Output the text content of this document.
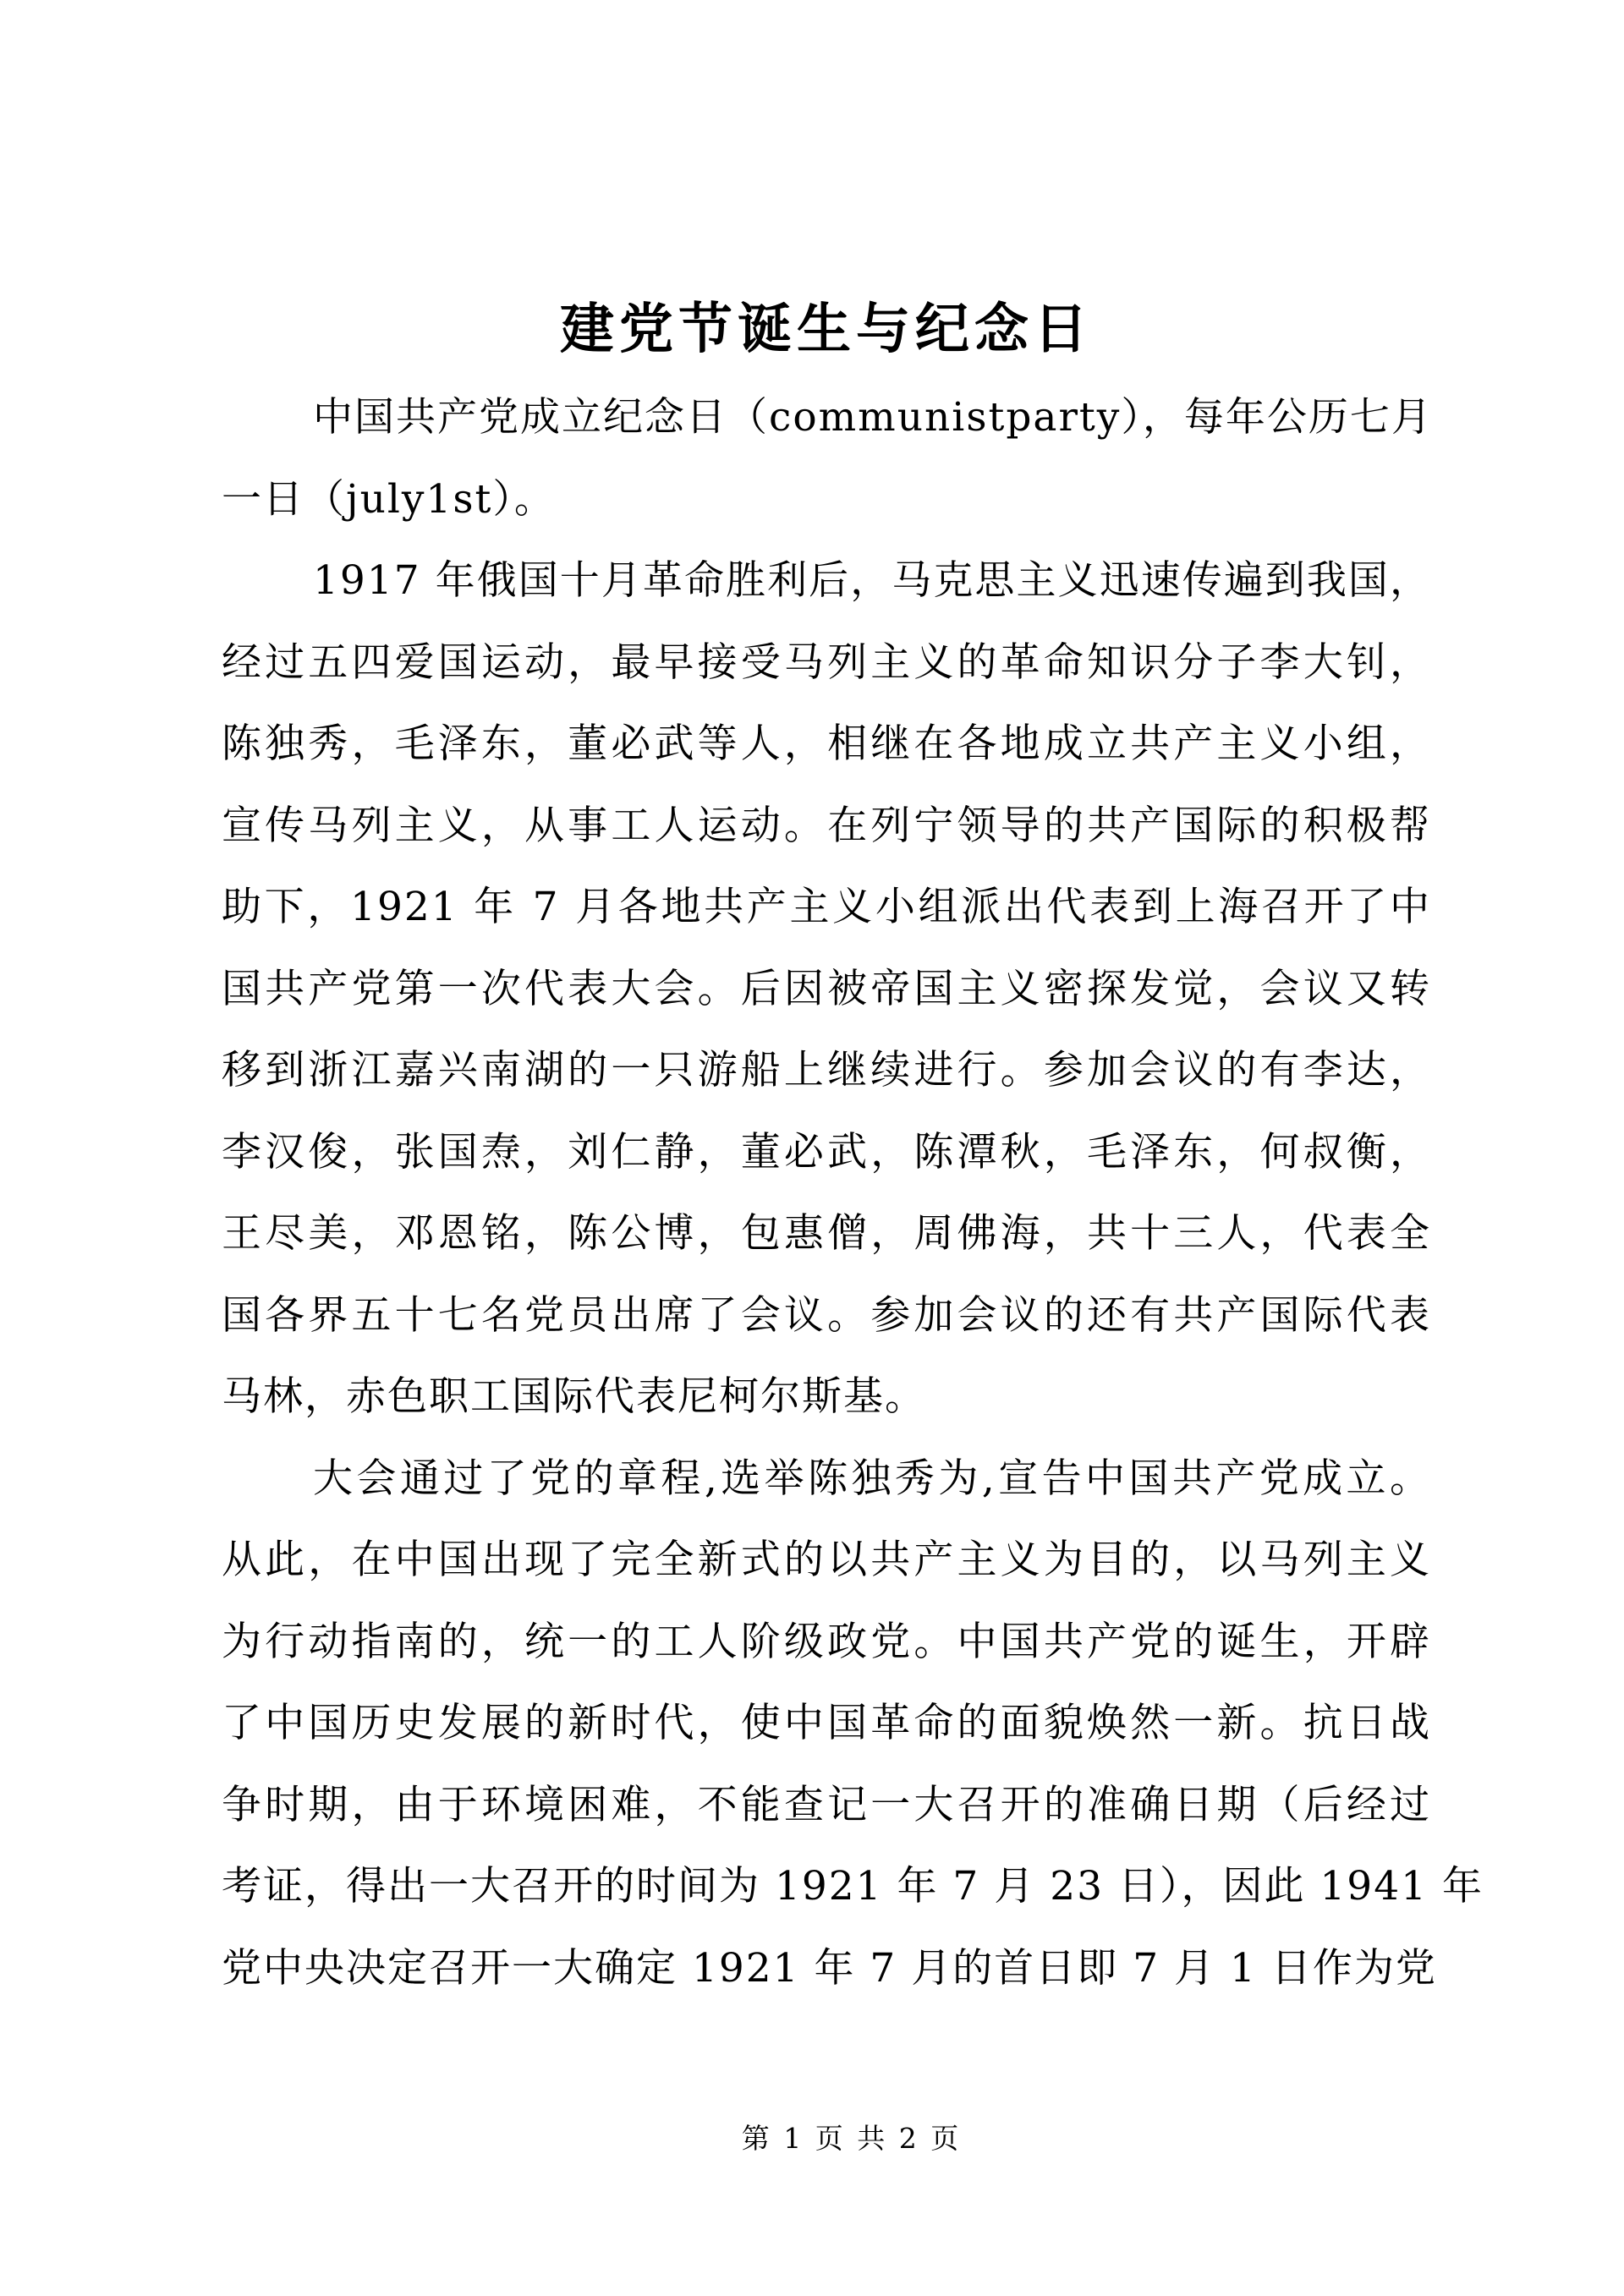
建党节诞生与纪念日
中国共产党成立纪念日（communistparty），每年公历七月
一日（july1st）。
1917 年俄国十月革命胜利后，马克思主义迅速传遍到我国，
经过五四爱国运动，最早接受马列主义的革命知识分子李大钊，
陈独秀，毛泽东，董必武等人，相继在各地成立共产主义小组，
宣传马列主义，从事工人运动。在列宁领导的共产国际的积极帮
助下，1921 年 7 月各地共产主义小组派出代表到上海召开了中
国共产党第一次代表大会。后因被帝国主义密探发觉，会议又转
移到浙江嘉兴南湖的一只游船上继续进行。参加会议的有李达，
李汉俊，张国焘，刘仁静，董必武，陈潭秋，毛泽东，何叔衡，
王尽美，邓恩铭，陈公博，包惠僧，周佛海，共十三人，代表全
国各界五十七名党员出席了会议。参加会议的还有共产国际代表
马林，赤色职工国际代表尼柯尔斯基。
大会通过了党的章程,选举陈独秀为,宣告中国共产党成立。
从此，在中国出现了完全新式的以共产主义为目的，以马列主义
为行动指南的，统一的工人阶级政党。中国共产党的诞生，开辟
了中国历史发展的新时代，使中国革命的面貌焕然一新。抗日战
争时期，由于环境困难，不能查记一大召开的准确日期（后经过
考证，得出一大召开的时间为 1921 年 7 月 23 日），因此 1941 年
党中央决定召开一大确定 1921 年 7 月的首日即 7 月 1 日作为党
第 1 页 共 2 页
